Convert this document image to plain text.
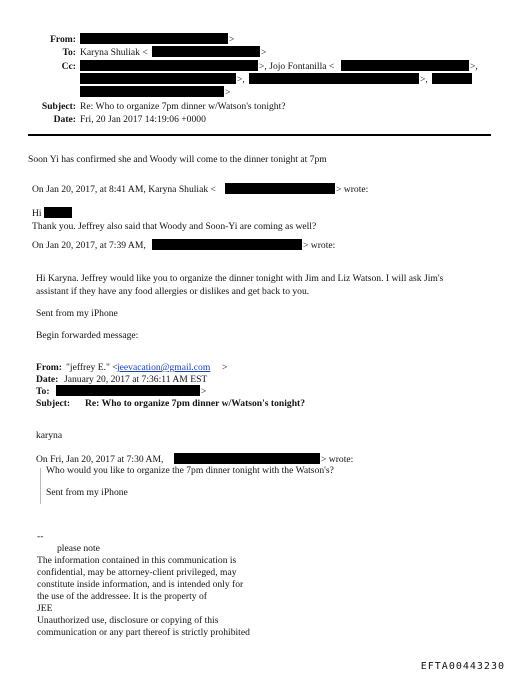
From:	>
To: Karyna Shuliak <	>
Cc:	>, Jojo Fontanilla <	>,
>,	>,
>
Subject: Re: Who to organize 7pm dinner w/Watson's tonight?
Date: Fri, 20 Jan 2017 14:19:06 +0000
Soon Yi has confirmed she and Woody will come to the dinner tonight at 7pm
On Jan 20, 2017, at 8:41 AM, Karyna Shuliak <	> wrote:
Hi
Thank you. Jeffrey also said that Woody and Soon-Yi are coming as well?
On Jan 20, 2017, at 7:39 AM,	> wrote:
Hi Karyna. Jeffrey would like you to organize the dinner tonight with Jim and Liz Watson. I will ask Jim's
assistant if they have any food allergies or dislikes and get back to you.
Sent from my iPhone
Begin forwarded message:
From: "jeffrey E." < jeevacation@gmail.com >
Date: January 20, 2017 at 7:36:11 AM EST
To:	>
Subject: Re: Who to organize 7pm dinner w/Watson's tonight?
karyna
On Fri, Jan 20, 2017 at 7:30 AM,	> wrote:
Who would you like to organize the 7pm dinner tonight with the Watson's?
Sent from my iPhone
--
please note
The information contained in this communication is
confidential, may be attorney-client privileged, may
constitute inside information, and is intended only for
the use of the addressee. It is the property of
JEE
Unauthorized use, disclosure or copying of this
communication or any part thereof is strictly prohibited
EFTA00443230
